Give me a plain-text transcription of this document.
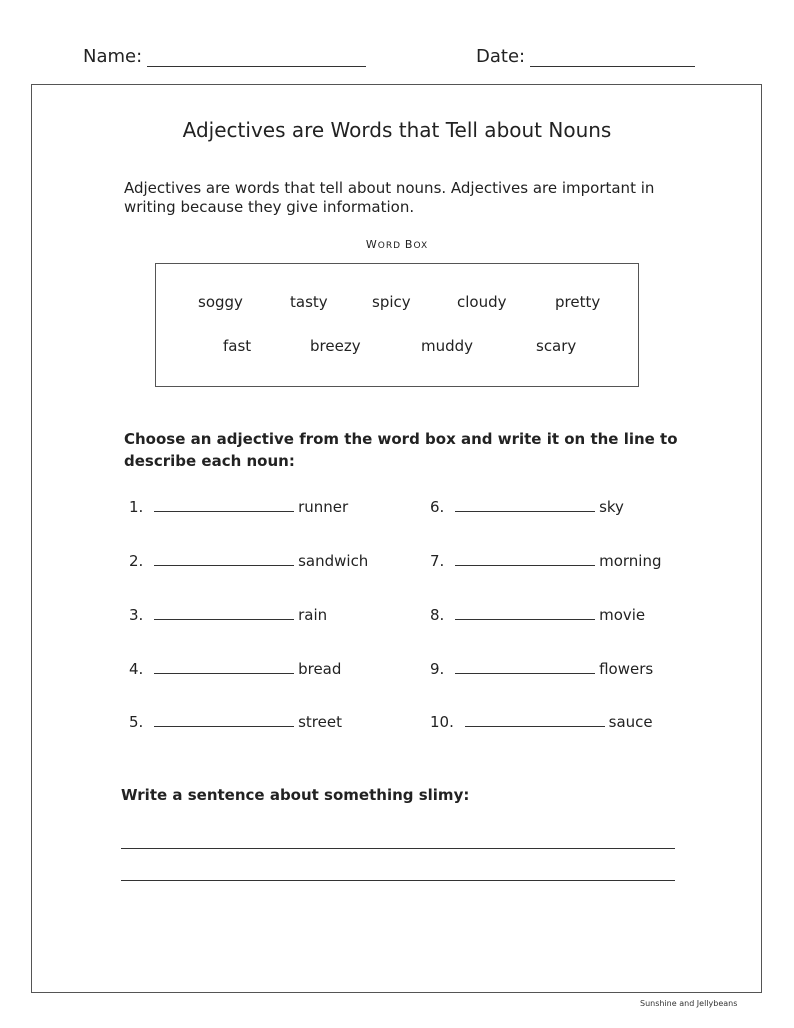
Name:	Date:
Adjectives are Words that Tell about Nouns
Adjectives are words that tell about nouns. Adjectives are important in writing because they give information.
WORD BOX
soggy	tasty	spicy	cloudy	pretty
fast	breezy	muddy	scary
Choose an adjective from the word box and write it on the line to describe each noun:
1.	runner
2.	sandwich
3.	rain
4.	bread
5.	street
6.	sky
7.	morning
8.	movie
9.	flowers
10.	sauce
Write a sentence about something slimy:
Sunshine and Jellybeans
